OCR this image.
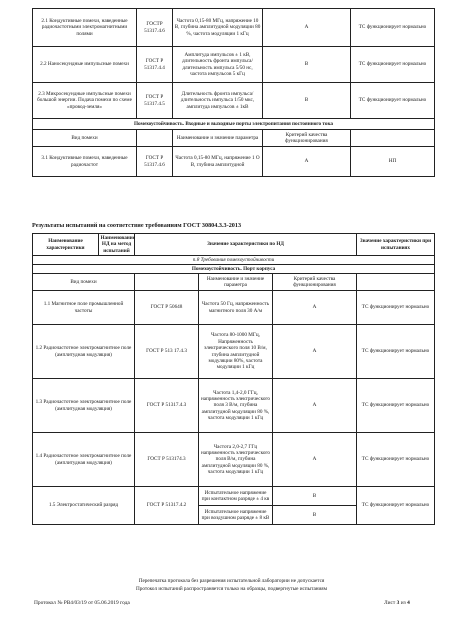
2.1 Кондуктивные помехи, наведенные радиочастотными электромагнитными полями	ГОСТР 51317.4.6	Частота 0,15-80 МГц, напряжение 10 В, глубина амплитудной модуляции 80 %, частота модуляции 1 кГц	A	ТС функционирует нормально
2.2 Наносекундные импульсные помехи	ГОСТ Р 51317.4.4	Амплитуда импульсов ± 1 кВ, длительность фронта импульса/длительность импульса 5/50 нс, частота импульсов 5 кГц	B	ТС функционирует нормально
2.3 Микросекундные импульсные помехи большой энергии. Подача помехи по схеме «провод-земля»	ГОСТ Р 51317.4.5	Длительность фронта импульса/длительность импульса 1/50 мкс, амплитуда импульсов ± 1кВ	B	ТС функционирует нормально
Помехоустойчивость. Входные и выходные порты электропитания постоянного тока				
Вид помехи		Наименование и значение параметра	Критерий качества функционирования	
3.1 Кондуктивные помехи, наведенные радиочастот	ГОСТ Р 51317.4.6	Частота 0,15-80 МГц, напряжение 1 О В, глубина амплитудной	A	НП
Результаты испытаний на соответствие требованиям ГОСТ 30804.3.3-2013
Наименование характеристики	Наименование НД на метод испытаний	Значение характеристики по НД			Значение характеристики при испытаниях
п.8 Требования помехоустойчивости					
Помехоустойчивость. Порт корпуса					
Вид помехи			Наименование и значение параметра	Критерий качества функционирования	
1.1 Магнитное поле промышленной частоты		ГОСТ Р 50648	Частота 50 Гц, напряженность магнитного поля 30 А/м	A	ТС функционирует нормально
1.2 Радиочастотное электромагнитное поле (амплитудная модуляция)		ГОСТ Р 513 17.4.3	Частота 80-1000 МГц, Напряженность электрического поля 10 В/м, глубина амплитудной модуляции 80%, частота модуляции 1 кГц	A	ТС функционирует нормально
1.3 Радиочастотное электромагнитное поле (амплитудная модуляция)		ГОСТ Р 51317.4.3	Частота 1,4-2,0 ГГц, напряженность электрического поля 3 В/м, глубина амплитудной модуляции 80 %, частота модуляции 1 кГц	A	ТС функционирует нормально
1.4 Радиочастотное электромагнитное поле (амплитудная модуляция)		ГОСТ Р 513174.3	Частота 2,0-2,7 ГГц напряженность электрического поля В/м, глубина амплитудной модуляции 80 %, частота модуляции 1 кГц	A	ТС функционирует нормально
1.5 Электростатический разряд		ГОСТ Р 51317.4.2	Испытательное напряжение при контактном разряде ± 4 кв	B	ТС функционирует нормально
			Испытательное напряжение при воздушном разряде ± 8 кВ	B	
Перепечатка протокола без разрешения испытательной лаборатории не допускается
Протокол испытаний распространяется только на образцы, подвергнутые испытаниям
Протокол № РВ4/03/19 от 05.06.2019 года	Лист 3 из 4
